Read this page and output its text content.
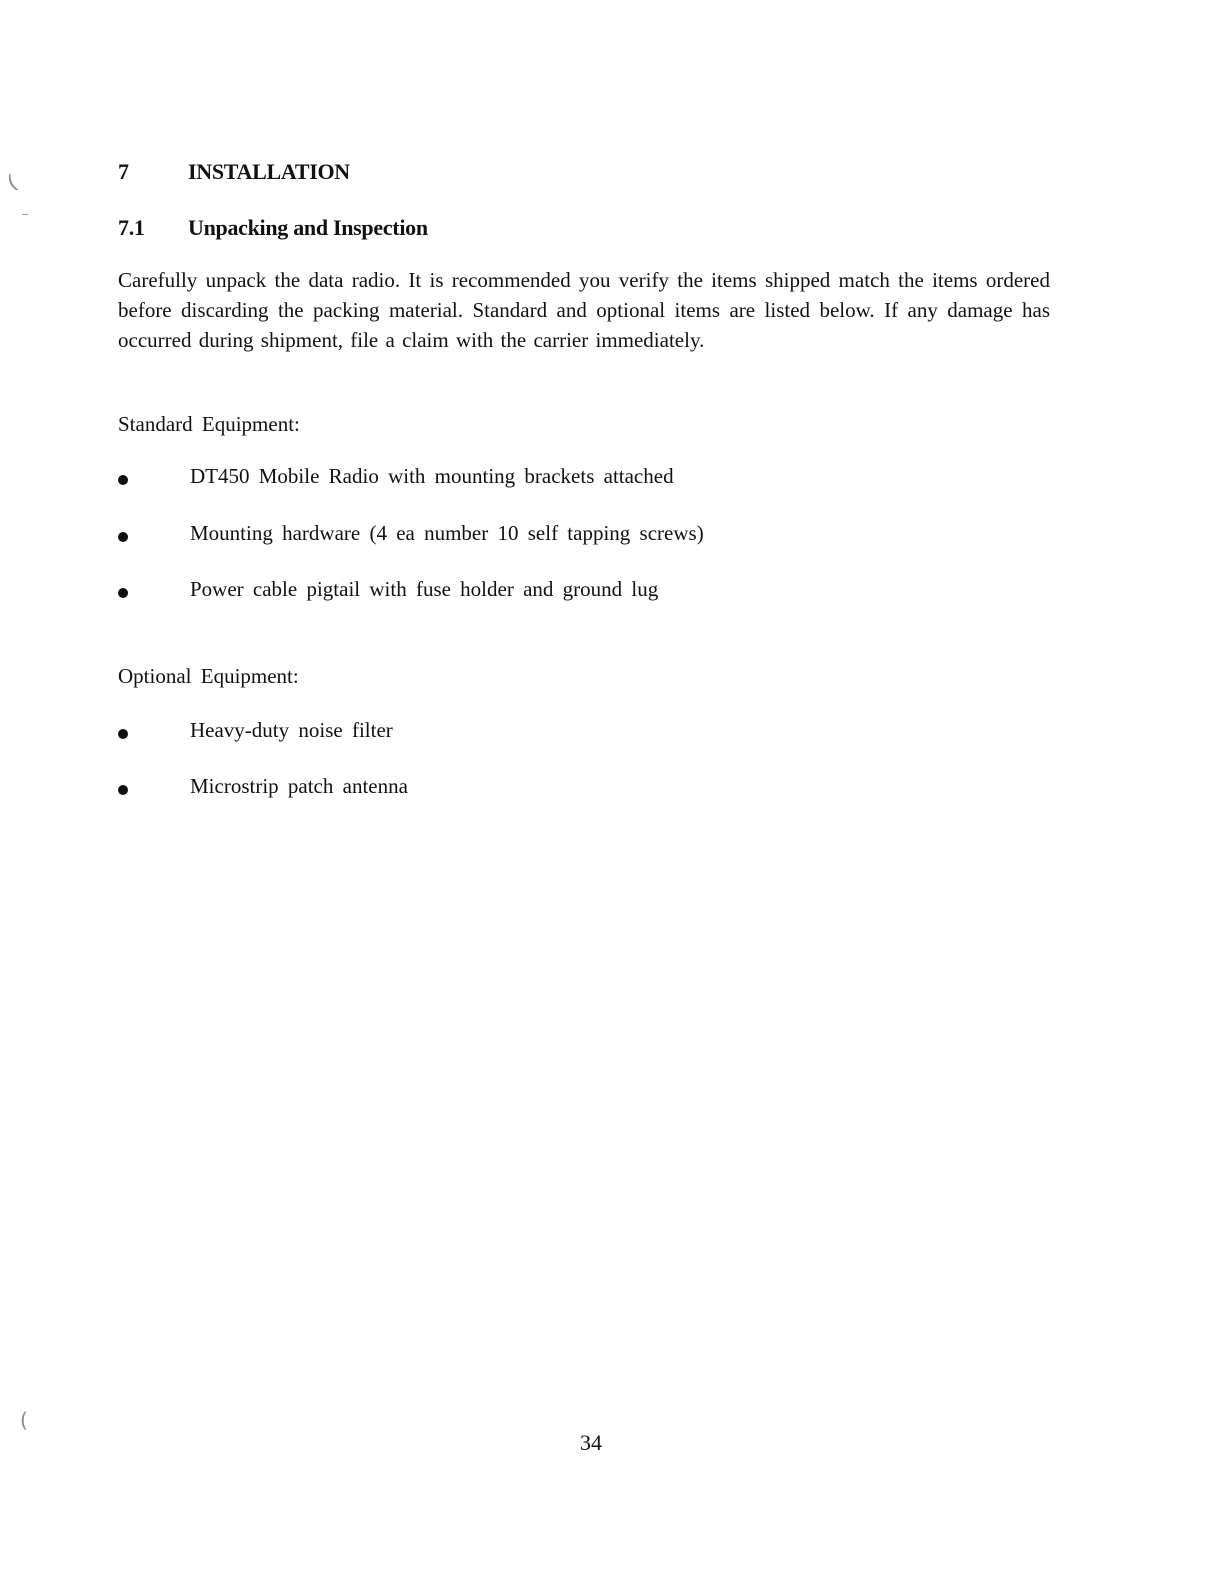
(
(
7	INSTALLATION
7.1 Unpacking and Inspection
Carefully unpack the data radio. It is recommended you verify the items shipped match the items ordered before discarding the packing material. Standard and optional items are listed below. If any damage has occurred during shipment, file a claim with the carrier immediately.
Standard Equipment:
DT450 Mobile Radio with mounting brackets attached
Mounting hardware (4 ea number 10 self tapping screws)
Power cable pigtail with fuse holder and ground lug
Optional Equipment:
Heavy-duty noise filter
Microstrip patch antenna
34
